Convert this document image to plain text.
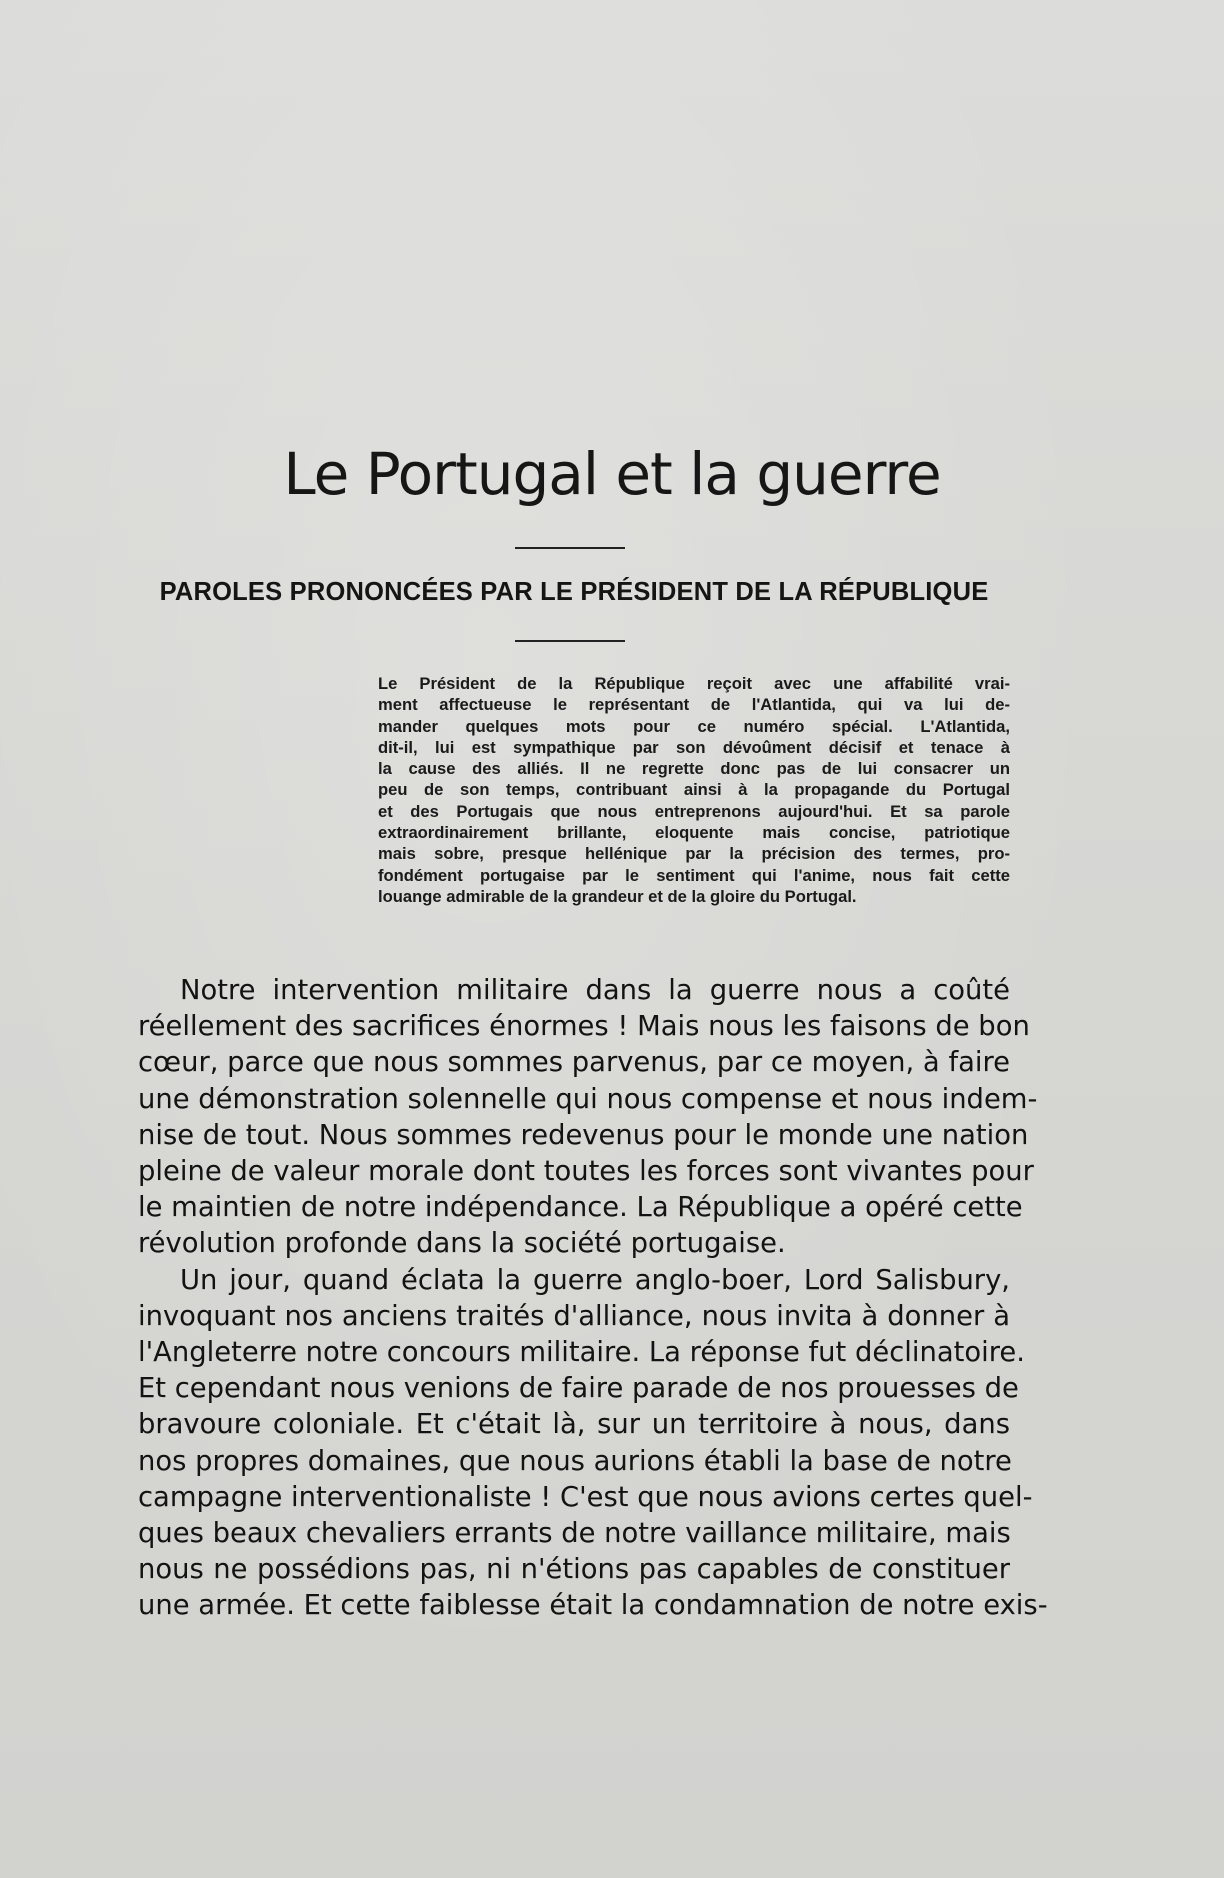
Le Portugal et la guerre
PAROLES PRONONCÉES PAR LE PRÉSIDENT DE LA RÉPUBLIQUE
Le Président de la République reçoit avec une affabilité vrai-
ment affectueuse le représentant de l'Atlantida, qui va lui de-
mander quelques mots pour ce numéro spécial. L'Atlantida,
dit-il, lui est sympathique par son dévoûment décisif et tenace à
la cause des alliés. Il ne regrette donc pas de lui consacrer un
peu de son temps, contribuant ainsi à la propagande du Portugal
et des Portugais que nous entreprenons aujourd'hui. Et sa parole
extraordinairement brillante, eloquente mais concise, patriotique
mais sobre, presque hellénique par la précision des termes, pro-
fondément portugaise par le sentiment qui l'anime, nous fait cette
louange admirable de la grandeur et de la gloire du Portugal.
Notre intervention militaire dans la guerre nous a coûté
réellement des sacrifices énormes ! Mais nous les faisons de bon
cœur, parce que nous sommes parvenus, par ce moyen, à faire
une démonstration solennelle qui nous compense et nous indem-
nise de tout. Nous sommes redevenus pour le monde une nation
pleine de valeur morale dont toutes les forces sont vivantes pour
le maintien de notre indépendance. La République a opéré cette
révolution profonde dans la société portugaise.
Un jour, quand éclata la guerre anglo-boer, Lord Salisbury,
invoquant nos anciens traités d'alliance, nous invita à donner à
l'Angleterre notre concours militaire. La réponse fut déclinatoire.
Et cependant nous venions de faire parade de nos prouesses de
bravoure coloniale. Et c'était là, sur un territoire à nous, dans
nos propres domaines, que nous aurions établi la base de notre
campagne interventionaliste ! C'est que nous avions certes quel-
ques beaux chevaliers errants de notre vaillance militaire, mais
nous ne possédions pas, ni n'étions pas capables de constituer
une armée. Et cette faiblesse était la condamnation de notre exis-
